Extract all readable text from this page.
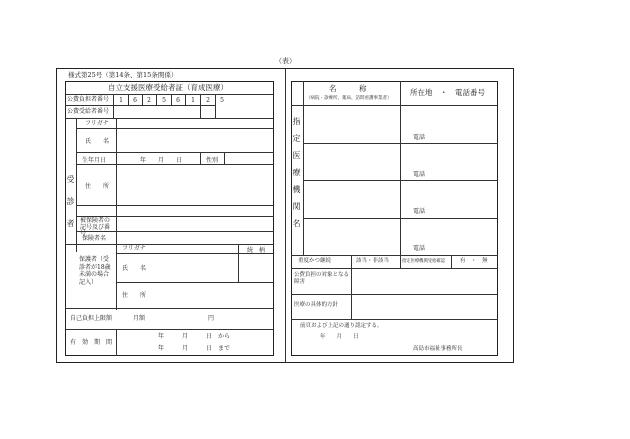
（表）
様式第25号（第14条、第15条関係）
自立支援医療受給者証（育成医療）
公費負担者番号	1	6	2	5	6	1	2	5
公費受給者番号
受診者
フリガナ
氏　　名
生年月日	年　　月　　日	性別
住　　所
被保険者の記号及び番号
保険者名
保護者（受診者が18歳未満の場合記入）
フリガナ	続　柄
氏　　名
住　　所
自己負担上限額	月額	円
有　効　期　間
年　　　月　　　日　から
年　　　月　　　日　まで
名　　　称
（病院・診療所、薬局、訪問看護事業者）
所在地　・　電話番号
指定医療機関名	電話
電話
電話
電話
重度かつ継続	該当・非該当	指定医療機関受給確認	有　・　無
公費負担の対象となる障害
医療の具体的方針
前頁および上記の通り認定する。
年　　月　　日
高島市福祉事務所長
